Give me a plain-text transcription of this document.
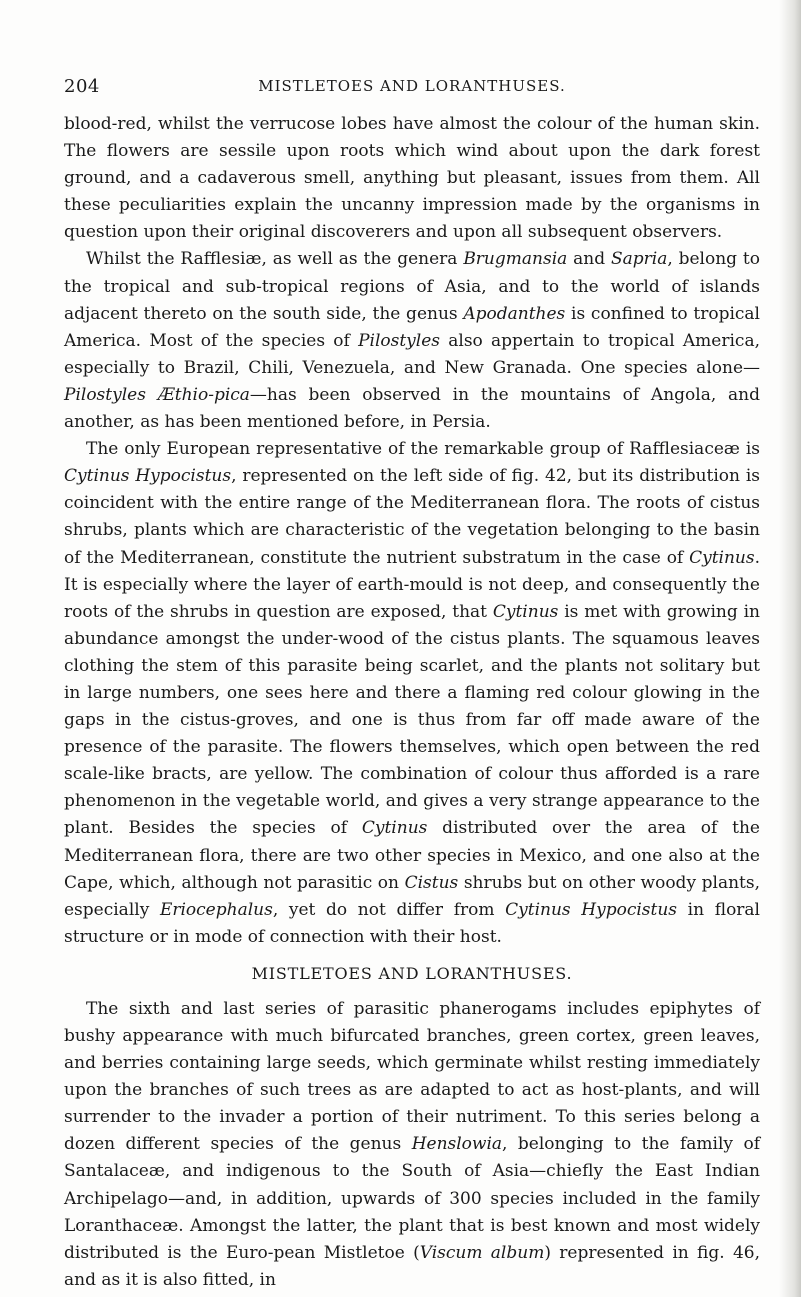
204	MISTLETOES AND LORANTHUSES.

blood-red, whilst the verrucose lobes have almost the colour of the human skin. The flowers are sessile upon roots which wind about upon the dark forest ground, and a cadaverous smell, anything but pleasant, issues from them. All these peculiarities explain the uncanny impression made by the organisms in question upon their original discoverers and upon all subsequent observers.

Whilst the Rafflesiæ, as well as the genera Brugmansia and Sapria, belong to the tropical and sub-tropical regions of Asia, and to the world of islands adjacent thereto on the south side, the genus Apodanthes is confined to tropical America. Most of the species of Pilostyles also appertain to tropical America, especially to Brazil, Chili, Venezuela, and New Granada. One species alone—Pilostyles Æthio-pica—has been observed in the mountains of Angola, and another, as has been mentioned before, in Persia.

The only European representative of the remarkable group of Rafflesiaceæ is Cytinus Hypocistus, represented on the left side of fig. 42, but its distribution is coincident with the entire range of the Mediterranean flora. The roots of cistus shrubs, plants which are characteristic of the vegetation belonging to the basin of the Mediterranean, constitute the nutrient substratum in the case of Cytinus. It is especially where the layer of earth-mould is not deep, and consequently the roots of the shrubs in question are exposed, that Cytinus is met with growing in abundance amongst the under-wood of the cistus plants. The squamous leaves clothing the stem of this parasite being scarlet, and the plants not solitary but in large numbers, one sees here and there a flaming red colour glowing in the gaps in the cistus-groves, and one is thus from far off made aware of the presence of the parasite. The flowers themselves, which open between the red scale-like bracts, are yellow. The combination of colour thus afforded is a rare phenomenon in the vegetable world, and gives a very strange appearance to the plant. Besides the species of Cytinus distributed over the area of the Mediterranean flora, there are two other species in Mexico, and one also at the Cape, which, although not parasitic on Cistus shrubs but on other woody plants, especially Eriocephalus, yet do not differ from Cytinus Hypocistus in floral structure or in mode of connection with their host.

MISTLETOES AND LORANTHUSES.

The sixth and last series of parasitic phanerogams includes epiphytes of bushy appearance with much bifurcated branches, green cortex, green leaves, and berries containing large seeds, which germinate whilst resting immediately upon the branches of such trees as are adapted to act as host-plants, and will surrender to the invader a portion of their nutriment. To this series belong a dozen different species of the genus Henslowia, belonging to the family of Santalaceæ, and indigenous to the South of Asia—chiefly the East Indian Archipelago—and, in addition, upwards of 300 species included in the family Loranthaceæ. Amongst the latter, the plant that is best known and most widely distributed is the Euro-pean Mistletoe (Viscum album) represented in fig. 46, and as it is also fitted, in
